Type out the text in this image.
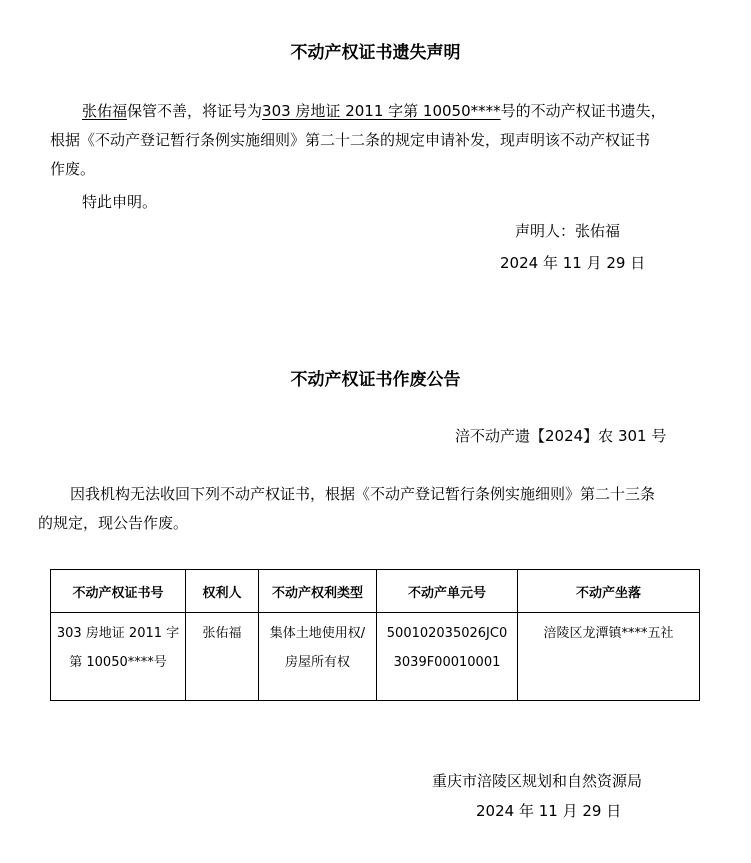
不动产权证书遗失声明
张佑福保管不善，将证号为303 房地证 2011 字第 10050****号的不动产权证书遗失，
根据《不动产登记暂行条例实施细则》第二十二条的规定申请补发，现声明该不动产权证书
作废。
特此申明。
声明人：张佑福
2024 年 11 月 29 日
不动产权证书作废公告
涪不动产遗【2024】农 301 号
因我机构无法收回下列不动产权证书，根据《不动产登记暂行条例实施细则》第二十三条
的规定，现公告作废。
不动产权证书号	权利人	不动产权利类型	不动产单元号	不动产坐落

303 房地证 2011 字
第 10050****号	张佑福	集体土地使用权/
房屋所有权	500102035026JC0
3039F00010001	涪陵区龙潭镇****五社
重庆市涪陵区规划和自然资源局
2024 年 11 月 29 日
